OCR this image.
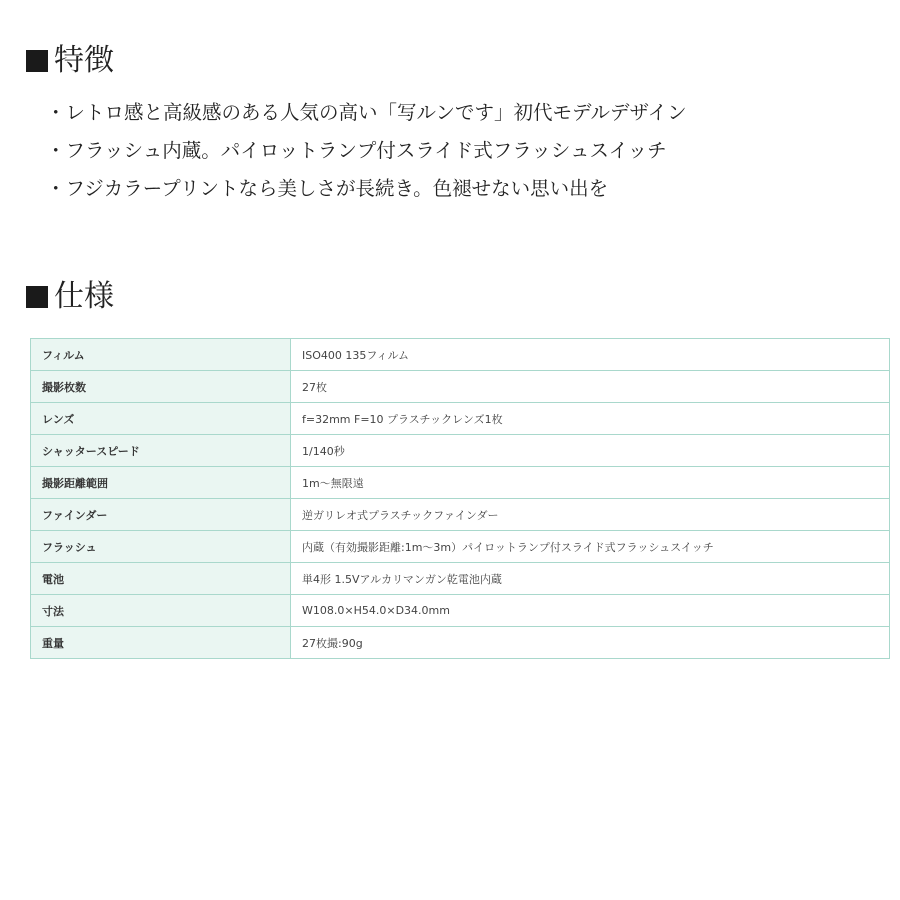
特徴
・レトロ感と高級感のある人気の高い「写ルンです」初代モデルデザイン
・フラッシュ内蔵。パイロットランプ付スライド式フラッシュスイッチ
・フジカラープリントなら美しさが長続き。色褪せない思い出を
仕様
フィルム	ISO400 135フィルム
撮影枚数	27枚
レンズ	f=32mm F=10 プラスチックレンズ1枚
シャッタースピード	1/140秒
撮影距離範囲	1m～無限遠
ファインダー	逆ガリレオ式プラスチックファインダー
フラッシュ	内蔵（有効撮影距離:1m～3m）パイロットランプ付スライド式フラッシュスイッチ
電池	単4形 1.5Vアルカリマンガン乾電池内蔵
寸法	W108.0×H54.0×D34.0mm
重量	27枚撮:90g
